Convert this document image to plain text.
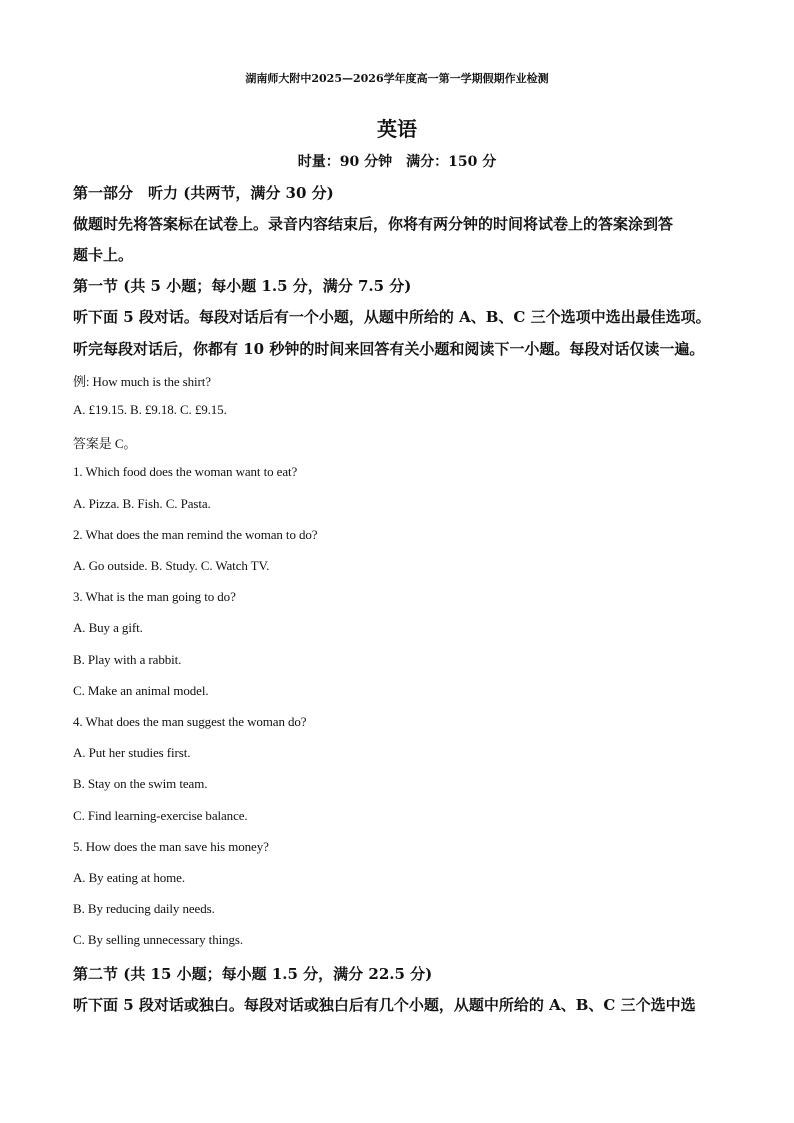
湖南师大附中2025—2026学年度高一第一学期假期作业检测
英语
时量：90 分钟　满分：150 分
第一部分　听力 (共两节，满分 30 分)
做题时先将答案标在试卷上。录音内容结束后，你将有两分钟的时间将试卷上的答案涂到答
题卡上。
第一节 (共 5 小题；每小题 1.5 分，满分 7.5 分)
听下面 5 段对话。每段对话后有一个小题，从题中所给的 A、B、C 三个选项中选出最佳选项。
听完每段对话后，你都有 10 秒钟的时间来回答有关小题和阅读下一小题。每段对话仅读一遍。
例: How much is the shirt?
A. £19.15. B. £9.18. C. £9.15.
答案是 C。
1. Which food does the woman want to eat?
A. Pizza. B. Fish. C. Pasta.
2. What does the man remind the woman to do?
A. Go outside. B. Study. C. Watch TV.
3. What is the man going to do?
A. Buy a gift.
B. Play with a rabbit.
C. Make an animal model.
4. What does the man suggest the woman do?
A. Put her studies first.
B. Stay on the swim team.
C. Find learning-exercise balance.
5. How does the man save his money?
A. By eating at home.
B. By reducing daily needs.
C. By selling unnecessary things.
第二节 (共 15 小题；每小题 1.5 分，满分 22.5 分)
听下面 5 段对话或独白。每段对话或独白后有几个小题，从题中所给的 A、B、C 三个选中选
